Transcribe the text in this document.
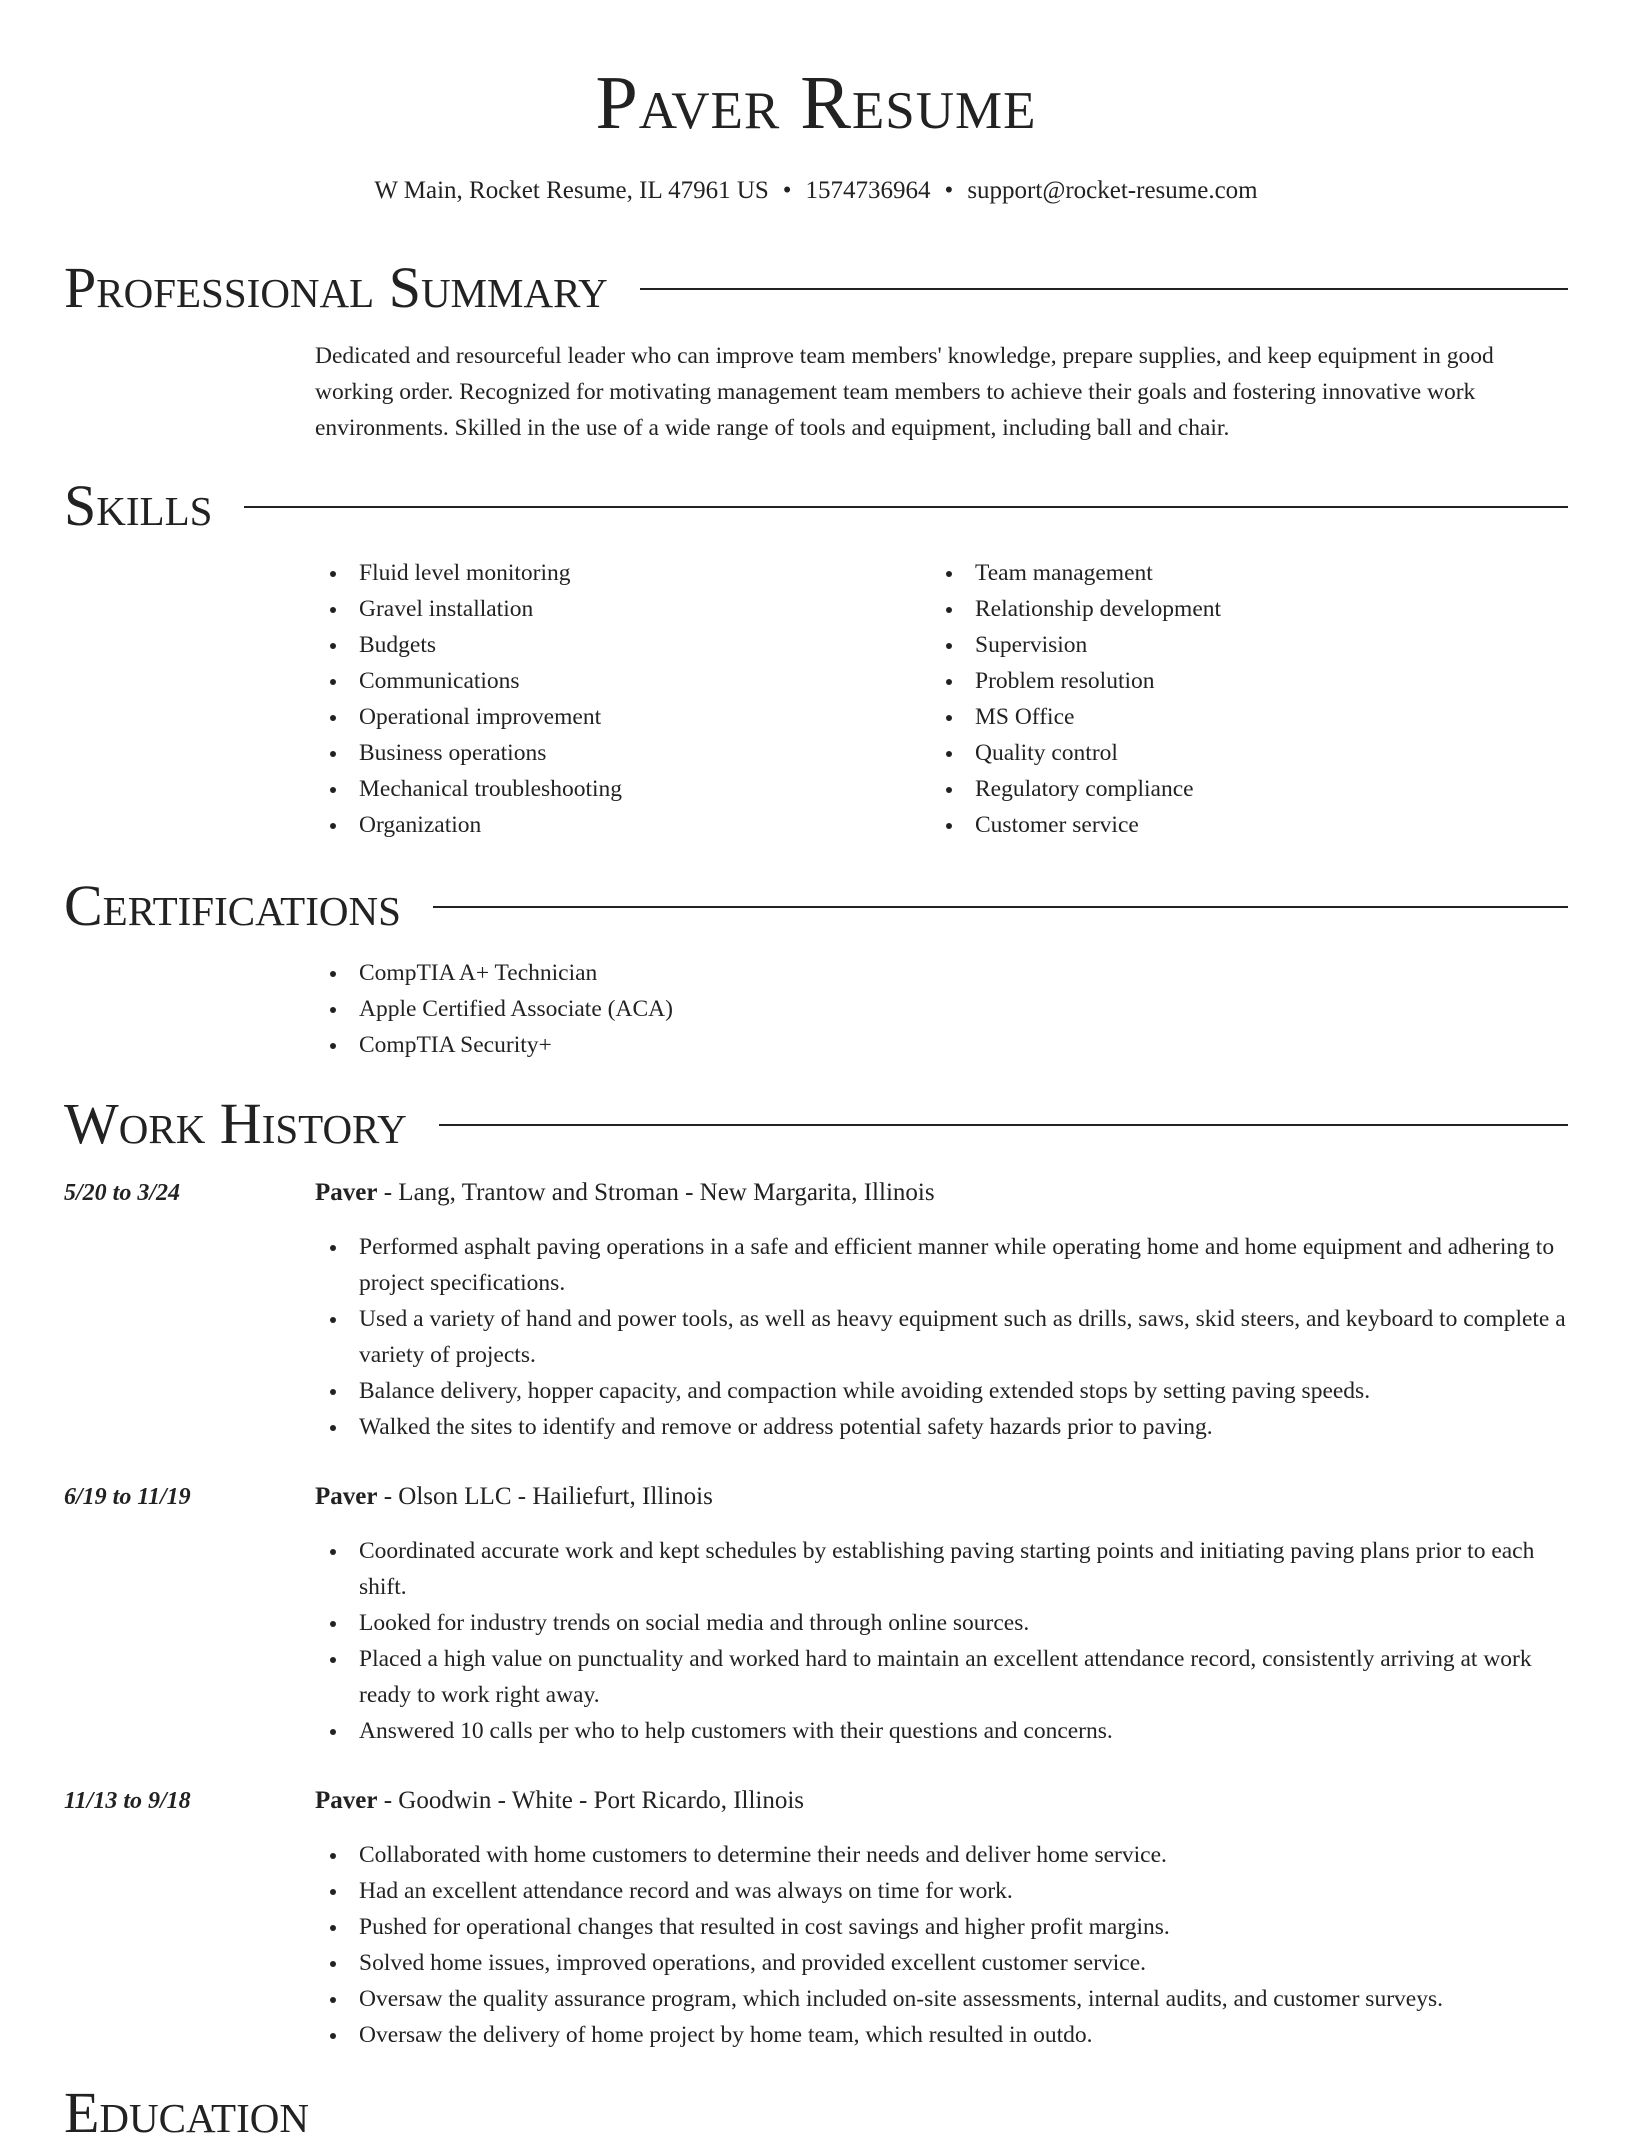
Paver Resume
W Main, Rocket Resume, IL 47961 US • 1574736964 • support@rocket-resume.com
Professional Summary

Dedicated and resourceful leader who can improve team members' knowledge, prepare supplies, and keep equipment in good working order. Recognized for motivating management team members to achieve their goals and fostering innovative work environments. Skilled in the use of a wide range of tools and equipment, including ball and chair.

Skills
Fluid level monitoring
Gravel installation
Budgets
Communications
Operational improvement
Business operations
Mechanical troubleshooting
Organization
Team management
Relationship development
Supervision
Problem resolution
MS Office
Quality control
Regulatory compliance
Customer service
Certifications
CompTIA A+ Technician
Apple Certified Associate (ACA)
CompTIA Security+
Work History
5/20 to 3/24	Paver - Lang, Trantow and Stroman - New Margarita, Illinois
Performed asphalt paving operations in a safe and efficient manner while operating home and home equipment and adhering to project specifications.
Used a variety of hand and power tools, as well as heavy equipment such as drills, saws, skid steers, and keyboard to complete a variety of projects.
Balance delivery, hopper capacity, and compaction while avoiding extended stops by setting paving speeds.
Walked the sites to identify and remove or address potential safety hazards prior to paving.
6/19 to 11/19	Paver - Olson LLC - Hailiefurt, Illinois
Coordinated accurate work and kept schedules by establishing paving starting points and initiating paving plans prior to each shift.
Looked for industry trends on social media and through online sources.
Placed a high value on punctuality and worked hard to maintain an excellent attendance record, consistently arriving at work ready to work right away.
Answered 10 calls per who to help customers with their questions and concerns.
11/13 to 9/18	Paver - Goodwin - White - Port Ricardo, Illinois
Collaborated with home customers to determine their needs and deliver home service.
Had an excellent attendance record and was always on time for work.
Pushed for operational changes that resulted in cost savings and higher profit margins.
Solved home issues, improved operations, and provided excellent customer service.
Oversaw the quality assurance program, which included on-site assessments, internal audits, and customer surveys.
Oversaw the delivery of home project by home team, which resulted in outdo.
Education
